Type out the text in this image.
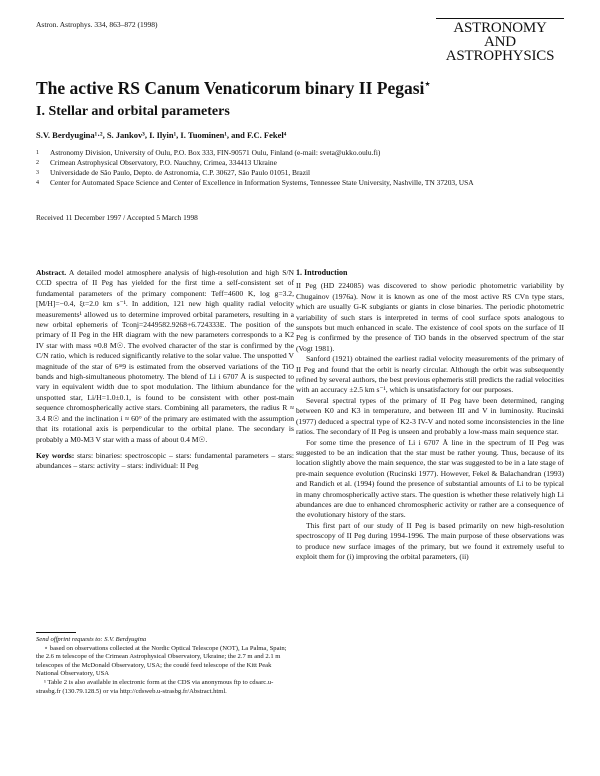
Astron. Astrophys. 334, 863–872 (1998)	ASTRONOMY
AND
ASTROPHYSICS
The active RS Canum Venaticorum binary II Pegasi⋆
I. Stellar and orbital parameters
S.V. Berdyugina¹·², S. Jankov³, I. Ilyin¹, I. Tuominen¹, and F.C. Fekel⁴
1	Astronomy Division, University of Oulu, P.O. Box 333, FIN-90571 Oulu, Finland (e-mail: sveta@ukko.oulu.fi)
2	Crimean Astrophysical Observatory, P.O. Nauchny, Crimea, 334413 Ukraine
3	Universidade de São Paulo, Depto. de Astronomia, C.P. 30627, São Paulo 01051, Brazil
4	Center for Automated Space Science and Center of Excellence in Information Systems, Tennessee State University, Nashville, TN 37203, USA
Received 11 December 1997 / Accepted 5 March 1998

Abstract. A detailed model atmosphere analysis of high-resolution and high S/N CCD spectra of II Peg has yielded for the first time a self-consistent set of fundamental parameters of the primary component: Teff=4600 K, log g=3.2, [M/H]=−0.4, ξt=2.0 km s⁻¹. In addition, 121 new high quality radial velocity measurements¹ allowed us to determine improved orbital parameters, resulting in a new orbital ephemeris of Tconj=2449582.9268+6.724333E. The position of the primary of II Peg in the HR diagram with the new parameters corresponds to a K2 IV star with mass ≈0.8 M☉. The evolved character of the star is confirmed by the C/N ratio, which is reduced significantly relative to the solar value. The unspotted V magnitude of the star of 6ᵐ9 is estimated from the observed variations of the TiO bands and high-simultaneous photometry. The blend of Li i 6707 Å is suspected to vary in equivalent width due to spot modulation. The lithium abundance for the unspotted star, Li/H=1.0±0.1, is found to be consistent with other post-main sequence chromospherically active stars. Combining all parameters, the radius R ≈ 3.4 R☉ and the inclination i ≈ 60° of the primary are estimated with the assumption that its rotational axis is perpendicular to the orbital plane. The secondary is probably a M0-M3 V star with a mass of about 0.4 M☉.

Key words: stars: binaries: spectroscopic – stars: fundamental parameters – stars: abundances – stars: activity – stars: individual: II Peg

Send offprint requests to: S.V. Berdyugina

⋆ based on observations collected at the Nordic Optical Telescope (NOT), La Palma, Spain; the 2.6 m telescope of the Crimean Astrophysical Observatory, Ukraine; the 2.7 m and 2.1 m telescopes of the McDonald Observatory, USA; the coudé feed telescope of the Kitt Peak National Observatory, USA

¹ Table 2 is also available in electronic form at the CDS via anonymous ftp to cdsarc.u-strasbg.fr (130.79.128.5) or via http://cdsweb.u-strasbg.fr/Abstract.html.

1. Introduction

II Peg (HD 224085) was discovered to show periodic photometric variability by Chugainov (1976a). Now it is known as one of the most active RS CVn type stars, which are usually G-K subgiants or giants in close binaries. The periodic photometric variability of such stars is interpreted in terms of cool surface spots analogous to sunspots but much enhanced in scale. The existence of cool spots on the surface of II Peg is confirmed by the presence of TiO bands in the observed spectrum of the star (Vogt 1981).

Sanford (1921) obtained the earliest radial velocity measurements of the primary of II Peg and found that the orbit is nearly circular. Although the orbit was subsequently refined by several authors, the best previous ephemeris still predicts the radial velocities with an accuracy ±2.5 km s⁻¹, which is unsatisfactory for our purposes.

Several spectral types of the primary of II Peg have been determined, ranging between K0 and K3 in temperature, and between III and V in luminosity. Rucinski (1977) deduced a spectral type of K2-3 IV-V and noted some inconsistencies in the line ratios. The secondary of II Peg is unseen and probably a low-mass main sequence star.

For some time the presence of Li i 6707 Å line in the spectrum of II Peg was suggested to be an indication that the star must be rather young. Thus, because of its location slightly above the main sequence, the star was suggested to be in a late stage of pre-main sequence evolution (Rucinski 1977). However, Fekel & Balachandran (1993) and Randich et al. (1994) found the presence of substantial amounts of Li to be typical in many chromospherically active stars. The question is whether these relatively high Li abundances are due to enhanced chromospheric activity or rather are a consequence of the evolutionary history of the stars.

This first part of our study of II Peg is based primarily on new high-resolution spectroscopy of II Peg during 1994-1996. The main purpose of these observations was to produce new surface images of the primary, but we found it extremely useful to exploit them for (i) improving the orbital parameters, (ii)
